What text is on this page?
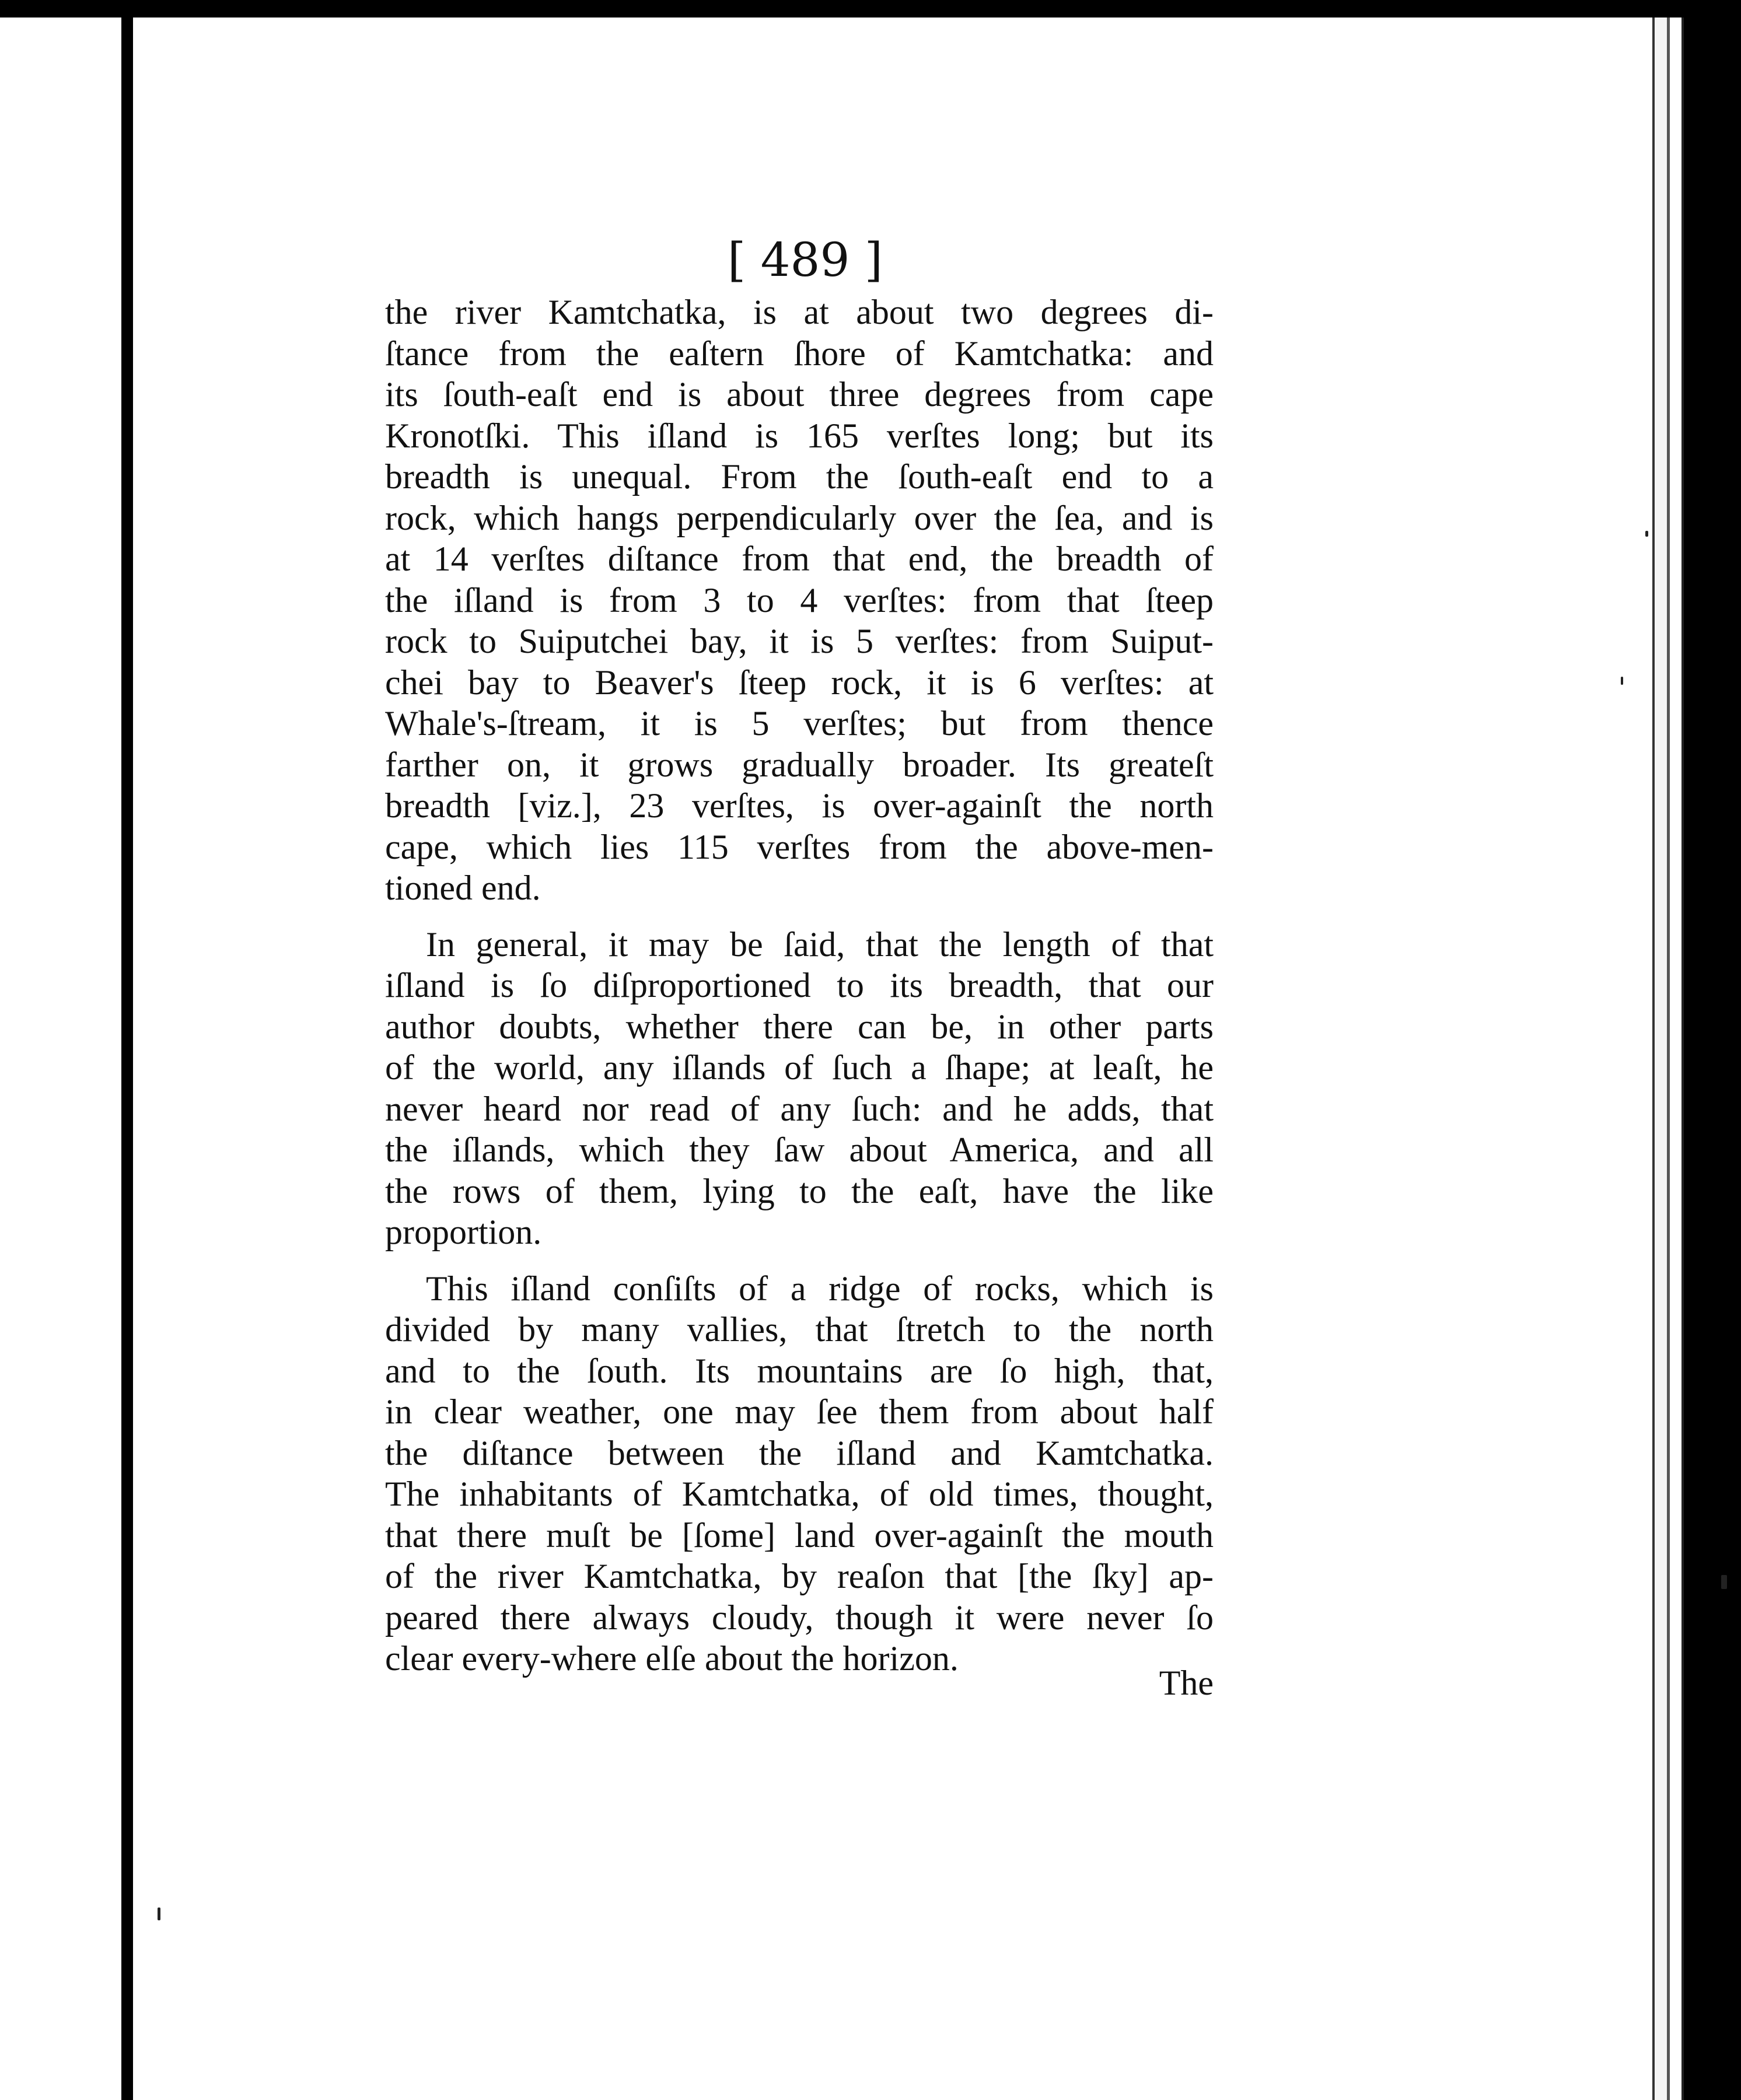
[ 489 ]
the river Kamtchatka, is at about two degrees di-
ſtance from the eaſtern ſhore of Kamtchatka: and
its ſouth-eaſt end is about three degrees from cape
Kronotſki. This iſland is 165 verſtes long; but its
breadth is unequal. From the ſouth-eaſt end to a
rock, which hangs perpendicularly over the ſea, and is
at 14 verſtes diſtance from that end, the breadth of
the iſland is from 3 to 4 verſtes: from that ſteep
rock to Suiputchei bay, it is 5 verſtes: from Suiput-
chei bay to Beaver's ſteep rock, it is 6 verſtes: at
Whale's-ſtream, it is 5 verſtes; but from thence
farther on, it grows gradually broader. Its greateſt
breadth [viz.], 23 verſtes, is over-againſt the north
cape, which lies 115 verſtes from the above-men-
tioned end.
In general, it may be ſaid, that the length of that
iſland is ſo diſproportioned to its breadth, that our
author doubts, whether there can be, in other parts
of the world, any iſlands of ſuch a ſhape; at leaſt, he
never heard nor read of any ſuch: and he adds, that
the iſlands, which they ſaw about America, and all
the rows of them, lying to the eaſt, have the like
proportion.
This iſland conſiſts of a ridge of rocks, which is
divided by many vallies, that ſtretch to the north
and to the ſouth. Its mountains are ſo high, that,
in clear weather, one may ſee them from about half
the diſtance between the iſland and Kamtchatka.
The inhabitants of Kamtchatka, of old times, thought,
that there muſt be [ſome] land over-againſt the mouth
of the river Kamtchatka, by reaſon that [the ſky] ap-
peared there always cloudy, though it were never ſo
clear every-where elſe about the horizon.
The
